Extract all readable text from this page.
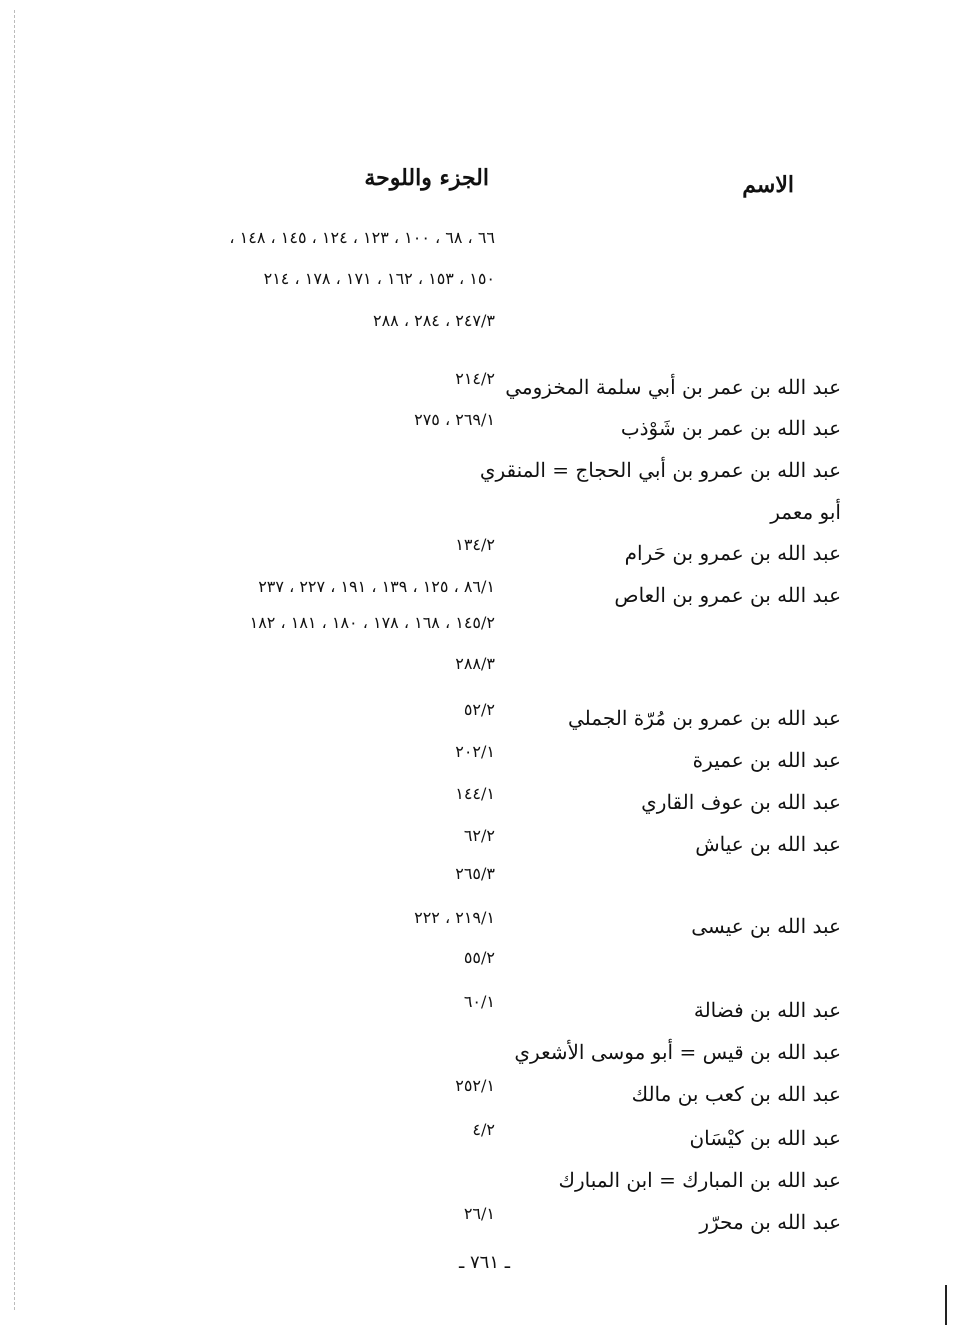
الاسم
الجزء واللوحة
٦٦ ، ٦٨ ، ١٠٠ ، ١٢٣ ، ١٢٤ ، ١٤٥ ، ١٤٨ ،
١٥٠ ، ١٥٣ ، ١٦٢ ، ١٧١ ، ١٧٨ ، ٢١٤
٢٤٧/٣ ، ٢٨٤ ، ٢٨٨
عبد الله بن عمر بن أبي سلمة المخزومي
٢١٤/٢
عبد الله بن عمر بن شَوْذب
٢٦٩/١ ، ٢٧٥
عبد الله بن عمرو بن أبي الحجاج = المنقري
أبو معمر
عبد الله بن عمرو بن حَرام
١٣٤/٢
عبد الله بن عمرو بن العاص
٨٦/١ ، ١٢٥ ، ١٣٩ ، ١٩١ ، ٢٢٧ ، ٢٣٧
١٤٥/٢ ، ١٦٨ ، ١٧٨ ، ١٨٠ ، ١٨١ ، ١٨٢
٢٨٨/٣
عبد الله بن عمرو بن مُرّة الجملي
٥٢/٢
عبد الله بن عميرة
٢٠٢/١
عبد الله بن عوف القاري
١٤٤/١
عبد الله بن عياش
٦٢/٢
٢٦٥/٣
عبد الله بن عيسى
٢١٩/١ ، ٢٢٢
٥٥/٢
عبد الله بن فضالة
٦٠/١
عبد الله بن قيس = أبو موسى الأشعري
عبد الله بن كعب بن مالك
٢٥٢/١
عبد الله بن كيْسَان
٤/٢
عبد الله بن المبارك = ابن المبارك
عبد الله بن محرّر
٢٦/١
ـ ٧٦١ ـ
